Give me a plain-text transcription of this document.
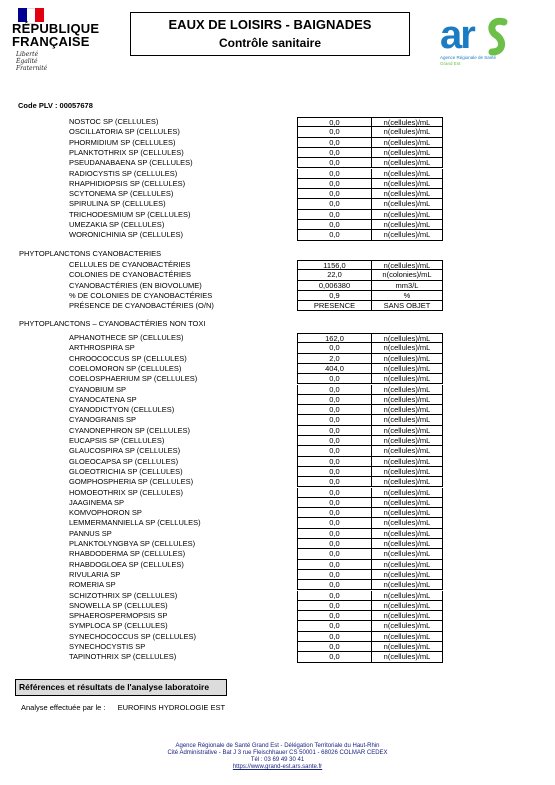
RÉPUBLIQUE
FRANÇAISE
Liberté
Égalité
Fraternité
EAUX DE LOISIRS - BAIGNADES
Contrôle sanitaire	ar
Agence Régionale de Santé
Grand Est
Code PLV : 00057678
NOSTOC SP (CELLULES)	0,0	n(cellules)/mL
OSCILLATORIA SP (CELLULES)	0,0	n(cellules)/mL
PHORMIDIUM SP (CELLULES)	0,0	n(cellules)/mL
PLANKTOTHRIX SP (CELLULES)	0,0	n(cellules)/mL
PSEUDANABAENA SP (CELLULES)	0,0	n(cellules)/mL
RADIOCYSTIS SP (CELLULES)	0,0	n(cellules)/mL
RHAPHIDIOPSIS SP (CELLULES)	0,0	n(cellules)/mL
SCYTONEMA SP (CELLULES)	0,0	n(cellules)/mL
SPIRULINA SP (CELLULES)	0,0	n(cellules)/mL
TRICHODESMIUM SP (CELLULES)	0,0	n(cellules)/mL
UMEZAKIA SP (CELLULES)	0,0	n(cellules)/mL
WORONICHINIA SP (CELLULES)	0,0	n(cellules)/mL
PHYTOPLANCTONS CYANOBACTERIES
CELLULES DE CYANOBACTÉRIES	1156,0	n(cellules)/mL
COLONIES DE CYANOBACTÉRIES	22,0	n(colonies)/mL
CYANOBACTÉRIES (EN BIOVOLUME)	0,006380	mm3/L
% DE COLONIES DE CYANOBACTÉRIES	0,9	%
PRÉSENCE DE CYANOBACTÉRIES (O/N)	PRESENCE	SANS OBJET
PHYTOPLANCTONS – CYANOBACTÉRIES NON TOXI
APHANOTHECE SP (CELLULES)	162,0	n(cellules)/mL
ARTHROSPIRA SP	0,0	n(cellules)/mL
CHROOCOCCUS SP (CELLULES)	2,0	n(cellules)/mL
COELOMORON SP (CELLULES)	404,0	n(cellules)/mL
COELOSPHAERIUM SP (CELLULES)	0,0	n(cellules)/mL
CYANOBIUM SP	0,0	n(cellules)/mL
CYANOCATENA SP	0,0	n(cellules)/mL
CYANODICTYON (CELLULES)	0,0	n(cellules)/mL
CYANOGRANIS SP	0,0	n(cellules)/mL
CYANONEPHRON SP (CELLULES)	0,0	n(cellules)/mL
EUCAPSIS SP (CELLULES)	0,0	n(cellules)/mL
GLAUCOSPIRA SP (CELLULES)	0,0	n(cellules)/mL
GLOEOCAPSA SP (CELLULES)	0,0	n(cellules)/mL
GLOEOTRICHIA SP (CELLULES)	0,0	n(cellules)/mL
GOMPHOSPHERIA SP (CELLULES)	0,0	n(cellules)/mL
HOMOEOTHRIX SP (CELLULES)	0,0	n(cellules)/mL
JAAGINEMA SP	0,0	n(cellules)/mL
KOMVOPHORON SP	0,0	n(cellules)/mL
LEMMERMANNIELLA SP (CELLULES)	0,0	n(cellules)/mL
PANNUS SP	0,0	n(cellules)/mL
PLANKTOLYNGBYA SP (CELLULES)	0,0	n(cellules)/mL
RHABDODERMA SP (CELLULES)	0,0	n(cellules)/mL
RHABDOGLOEA SP (CELLULES)	0,0	n(cellules)/mL
RIVULARIA SP	0,0	n(cellules)/mL
ROMERIA SP	0,0	n(cellules)/mL
SCHIZOTHRIX SP (CELLULES)	0,0	n(cellules)/mL
SNOWELLA SP (CELLULES)	0,0	n(cellules)/mL
SPHAEROSPERMOPSIS SP	0,0	n(cellules)/mL
SYMPLOCA SP (CELLULES)	0,0	n(cellules)/mL
SYNECHOCOCCUS SP (CELLULES)	0,0	n(cellules)/mL
SYNECHOCYSTIS SP	0,0	n(cellules)/mL
TAPINOTHRIX SP (CELLULES)	0,0	n(cellules)/mL
Références et résultats de l'analyse laboratoire
Analyse effectuée par le : EUROFINS HYDROLOGIE EST
Agence Régionale de Santé Grand Est - Délégation Territoriale du Haut-Rhin
Cité Administrative - Bat J 3 rue Fleischhauer CS 50001 - 68026 COLMAR CEDEX
Tél : 03 69 49 30 41
https://www.grand-est.ars.sante.fr
